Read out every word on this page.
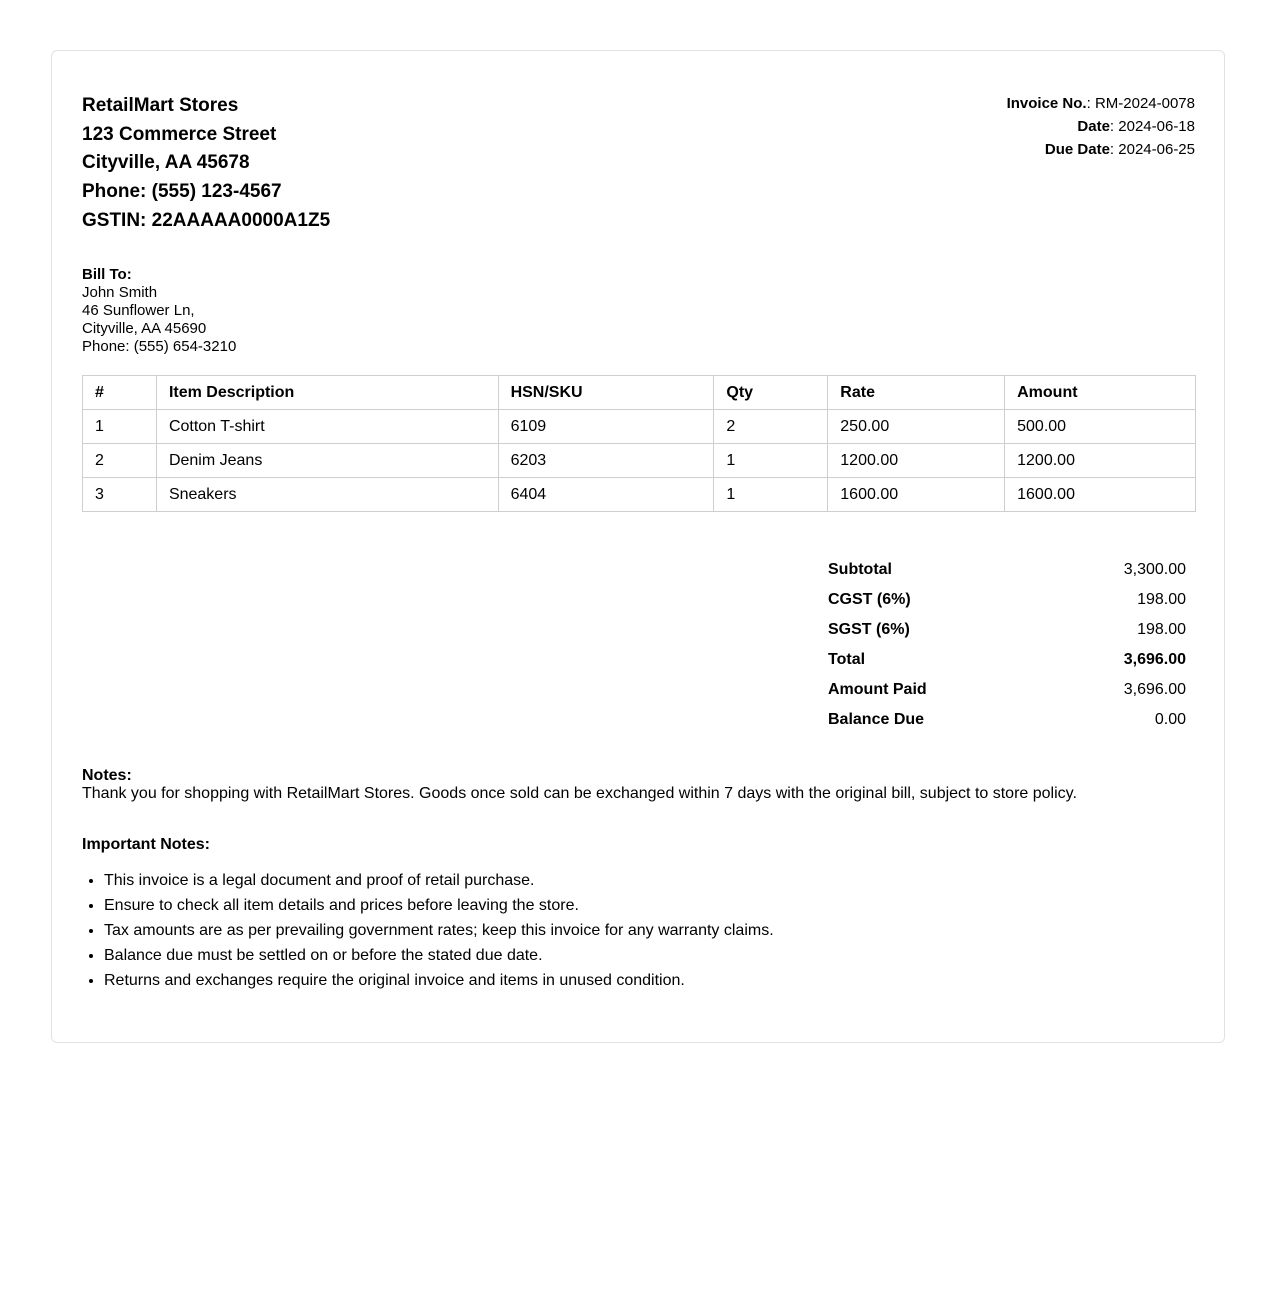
RetailMart Stores
123 Commerce Street
Cityville, AA 45678
Phone: (555) 123-4567
GSTIN: 22AAAAA0000A1Z5
Invoice No.: RM-2024-0078
Date: 2024-06-18
Due Date: 2024-06-25
Bill To:
John Smith
46 Sunflower Ln,
Cityville, AA 45690
Phone: (555) 654-3210
#	Item Description	HSN/SKU	Qty	Rate	Amount
1	Cotton T-shirt	6109	2	250.00	500.00
2	Denim Jeans	6203	1	1200.00	1200.00
3	Sneakers	6404	1	1600.00	1600.00
Subtotal	3,300.00
CGST (6%)	198.00
SGST (6%)	198.00
Total	3,696.00
Amount Paid	3,696.00
Balance Due	0.00
Notes:
Thank you for shopping with RetailMart Stores. Goods once sold can be exchanged within 7 days with the original bill, subject to store policy.
Important Notes:
• This invoice is a legal document and proof of retail purchase.
• Ensure to check all item details and prices before leaving the store.
• Tax amounts are as per prevailing government rates; keep this invoice for any warranty claims.
• Balance due must be settled on or before the stated due date.
• Returns and exchanges require the original invoice and items in unused condition.
